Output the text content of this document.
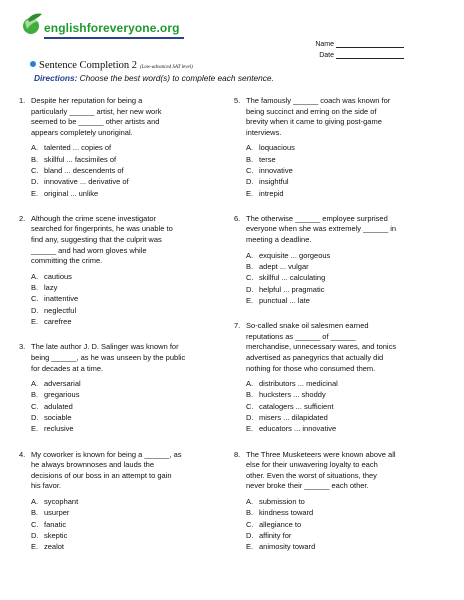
englishforeveryone.org
Name
Date
Sentence Completion 2 (Low-advanced SAT level)
Directions: Choose the best word(s) to complete each sentence.
1. Despite her reputation for being a
particularly ______ artist, her new work
seemed to be ______ other artists and
appears completely unoriginal.
A. talented ... copies of
B. skillful ... facsimiles of
C. bland ... descendents of
D. innovative ... derivative of
E. original ... unlike
2. Although the crime scene investigator
searched for fingerprints, he was unable to
find any, suggesting that the culprit was
______ and had worn gloves while
committing the crime.
A. cautious
B. lazy
C. inattentive
D. neglectful
E. carefree
3. The late author J. D. Salinger was known for
being ______, as he was unseen by the public
for decades at a time.
A. adversarial
B. gregarious
C. adulated
D. sociable
E. reclusive
4. My coworker is known for being a ______, as
he always brownnoses and lauds the
decisions of our boss in an attempt to gain
his favor.
A. sycophant
B. usurper
C. fanatic
D. skeptic
E. zealot
5. The famously ______ coach was known for
being succinct and erring on the side of
brevity when it came to giving post-game
interviews.
A. loquacious
B. terse
C. innovative
D. insightful
E. intrepid
6. The otherwise ______ employee surprised
everyone when she was extremely ______ in
meeting a deadline.
A. exquisite ... gorgeous
B. adept ... vulgar
C. skillful ... calculating
D. helpful ... pragmatic
E. punctual ... late
7. So-called snake oil salesmen earned
reputations as ______ of ______
merchandise, unnecessary wares, and tonics
advertised as panegyrics that actually did
nothing for those who consumed them.
A. distributors ... medicinal
B. hucksters ... shoddy
C. catalogers ... sufficient
D. misers ... dilapidated
E. educators ... innovative
8. The Three Musketeers were known above all
else for their unwavering loyalty to each
other. Even the worst of situations, they
never broke their ______ each other.
A. submission to
B. kindness toward
C. allegiance to
D. affinity for
E. animosity toward
